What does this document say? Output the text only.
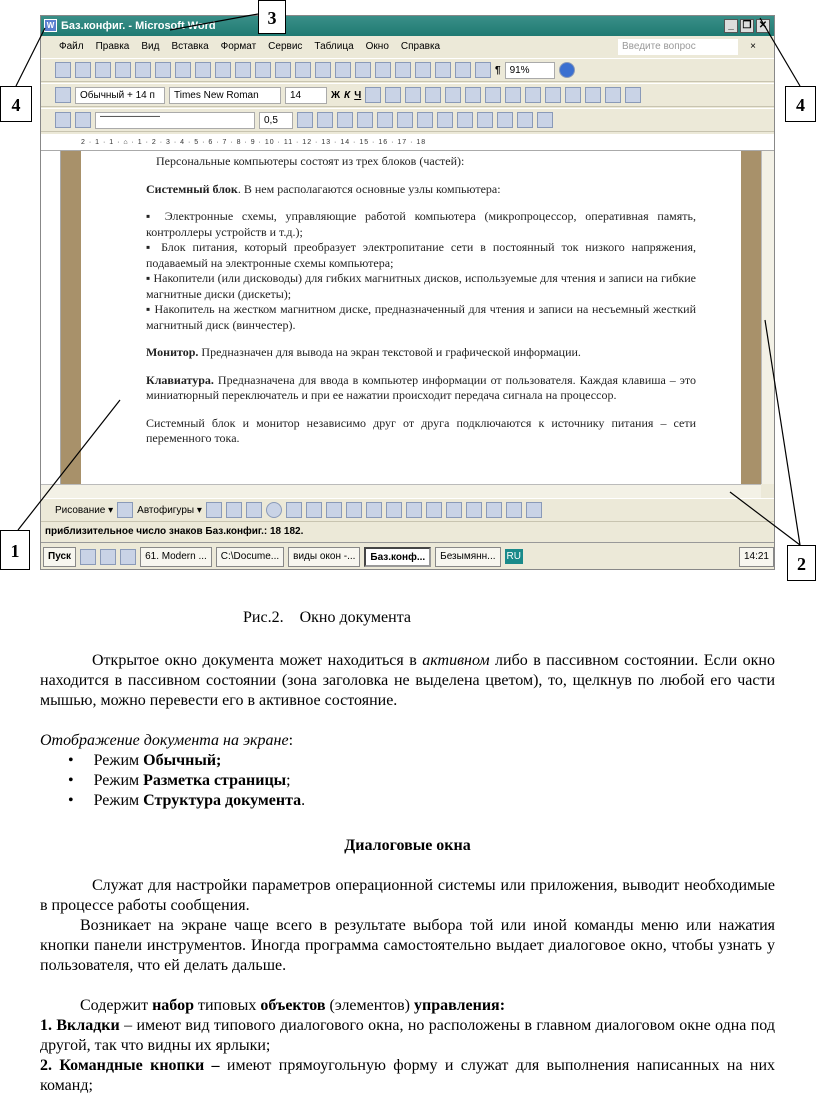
W Баз.конфиг. - Microsoft Word	_ ❐ ✕
Файл Правка Вид Вставка Формат Сервис Таблица Окно Справка	Введите вопрос	×
¶ 91%
Обычный + 14 п	Times New Roman	14	Ж К Ч
――――――	0,5
2 · 1 · 1 · ⌂ · 1 · 2 · 3 · 4 · 5 · 6 · 7 · 8 · 9 · 10 · 11 · 12 · 13 · 14 · 15 · 16 · 17 · 18

Персональные компьютеры состоят из трех блоков (частей):

Системный блок. В нем располагаются основные узлы компьютера:

▪ Электронные схемы, управляющие работой компьютера (микропроцессор, оперативная память, контроллеры устройств и т.д.);

▪ Блок питания, который преобразует электропитание сети в постоянный ток низкого напряжения, подаваемый на электронные схемы компьютера;

▪ Накопители (или дисководы) для гибких магнитных дисков, используемые для чтения и записи на гибкие магнитные диски (дискеты);

▪ Накопитель на жестком магнитном диске, предназначенный для чтения и записи на несъемный жесткий магнитный диск (винчестер).

Монитор. Предназначен для вывода на экран текстовой и графической информации.

Клавиатура. Предназначена для ввода в компьютер информации от пользователя. Каждая клавиша – это миниатюрный переключатель и при ее нажатии происходит передача сигнала на процессор.

Системный блок и монитор независимо друг от друга подключаются к источнику питания – сети переменного тока.

Рисование ▾ Автофигуры ▾
приблизительное число знаков Баз.конфиг.: 18 182.
Пуск	61. Modern ...	C:\Docume...	виды окон -...	Баз.конф...	Безымянн...	RU	14:21
3
4	4
1
2
Рис.2.    Окно документа
Открытое окно документа может находиться в активном либо в пассивном состоянии. Если окно находится в пассивном состоянии (зона заголовка не выделена цветом), то, щелкнув по любой его части мышью, можно перевести его в активное состояние.
Отображение документа на экране:
•     Режим Обычный;
•     Режим Разметка страницы;
•     Режим Структура документа.
Диалоговые окна
Служат для настройки параметров операционной системы или приложения, выводит необходимые в процессе работы сообщения.
Возникает на экране чаще всего в результате выбора той или иной команды меню или нажатия кнопки панели инструментов. Иногда программа самостоятельно выдает диалоговое окно, чтобы узнать у пользователя, что ей делать дальше.
Содержит набор типовых объектов (элементов) управления:
1. Вкладки – имеют вид типового диалогового окна, но расположены в главном диалоговом окне одна под другой, так что видны их ярлыки;
2. Командные кнопки – имеют прямоугольную форму и служат для выполнения написанных на них команд;
